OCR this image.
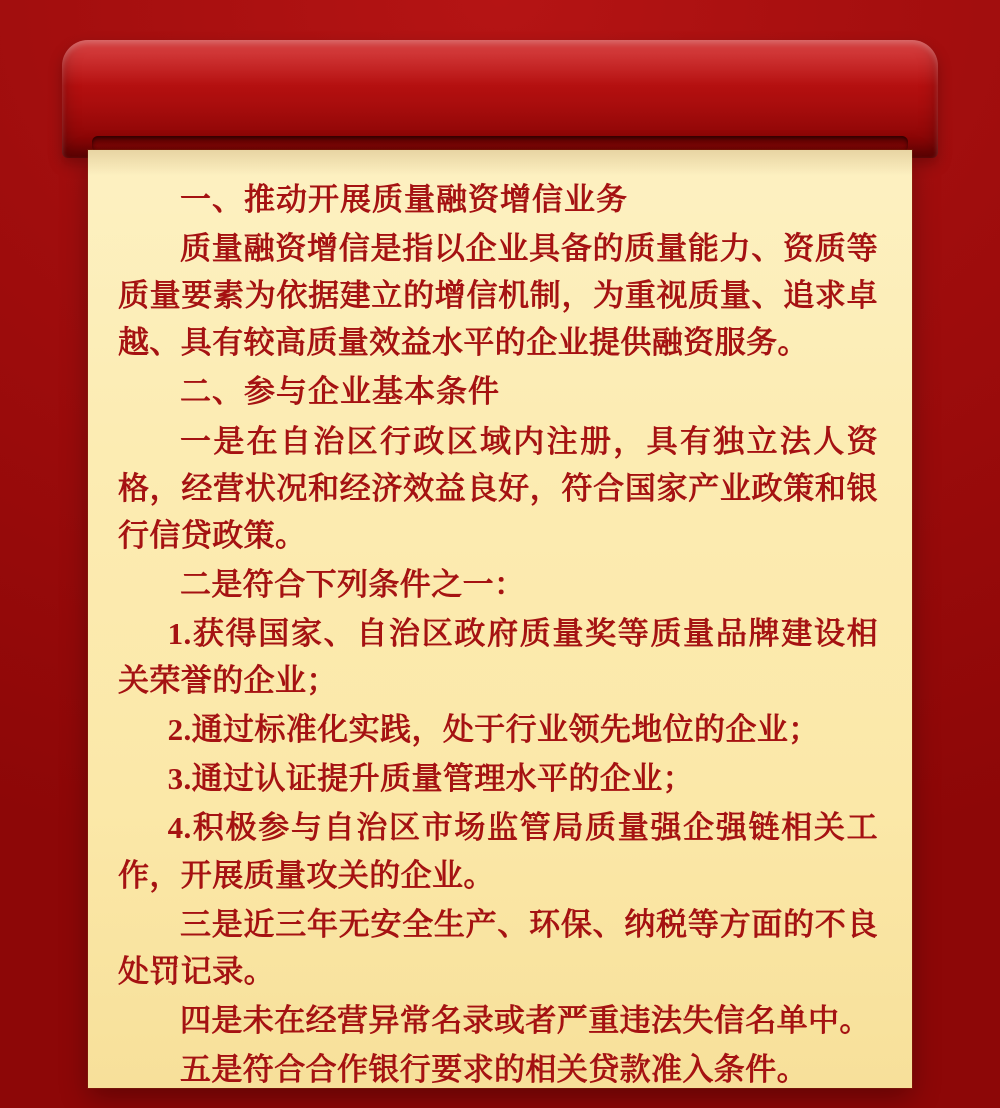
一、推动开展质量融资增信业务

质量融资增信是指以企业具备的质量能力、资质等质量要素为依据建立的增信机制，为重视质量、追求卓越、具有较高质量效益水平的企业提供融资服务。

二、参与企业基本条件

一是在自治区行政区域内注册，具有独立法人资格，经营状况和经济效益良好，符合国家产业政策和银行信贷政策。

二是符合下列条件之一：

1.获得国家、自治区政府质量奖等质量品牌建设相关荣誉的企业；

2.通过标准化实践，处于行业领先地位的企业；

3.通过认证提升质量管理水平的企业；

4.积极参与自治区市场监管局质量强企强链相关工作，开展质量攻关的企业。

三是近三年无安全生产、环保、纳税等方面的不良处罚记录。

四是未在经营异常名录或者严重违法失信名单中。

五是符合合作银行要求的相关贷款准入条件。
